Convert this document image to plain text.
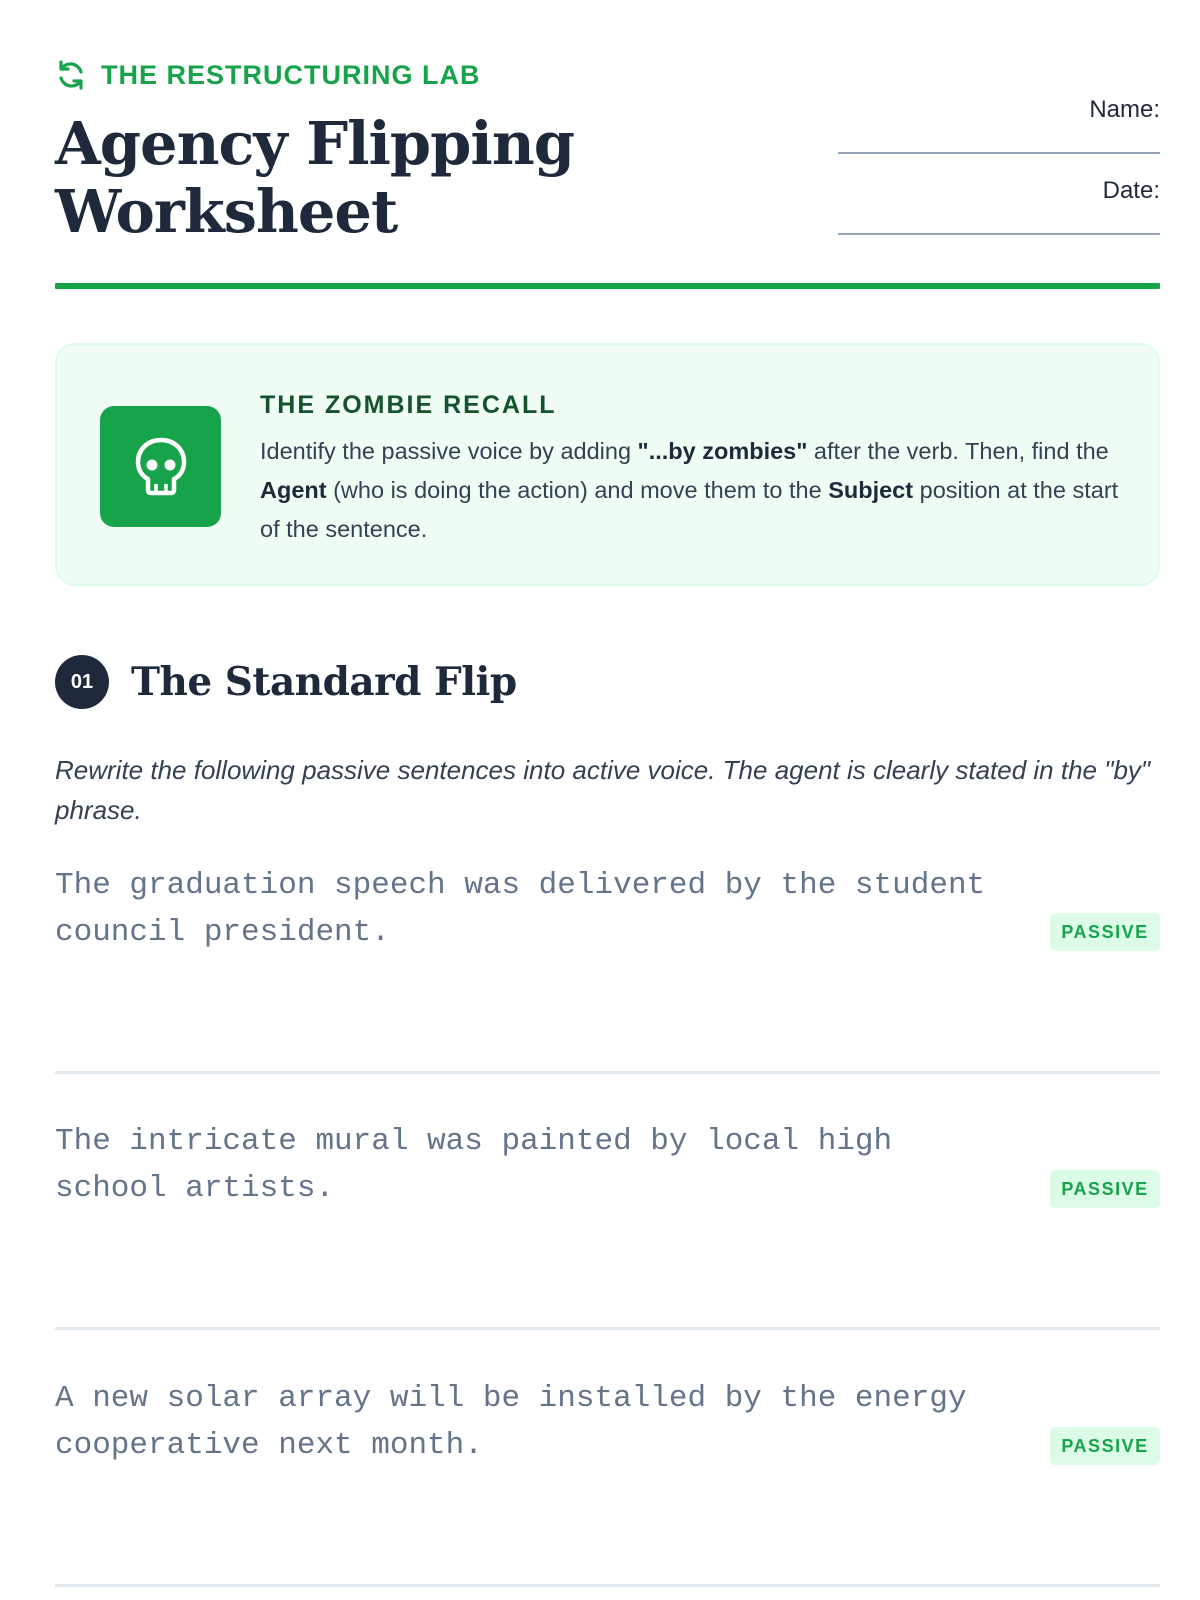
THE RESTRUCTURING LAB
Agency Flipping
Worksheet
Name:
Date:
THE ZOMBIE RECALL

Identify the passive voice by adding "...by zombies" after the verb. Then, find the Agent (who is doing the action) and move them to the Subject position at the start of the sentence.

01 The Standard Flip

Rewrite the following passive sentences into active voice. The agent is clearly stated in the "by" phrase.

The graduation speech was delivered by the student council president.	PASSIVE

The intricate mural was painted by local high school artists.	PASSIVE

A new solar array will be installed by the energy cooperative next month.	PASSIVE
